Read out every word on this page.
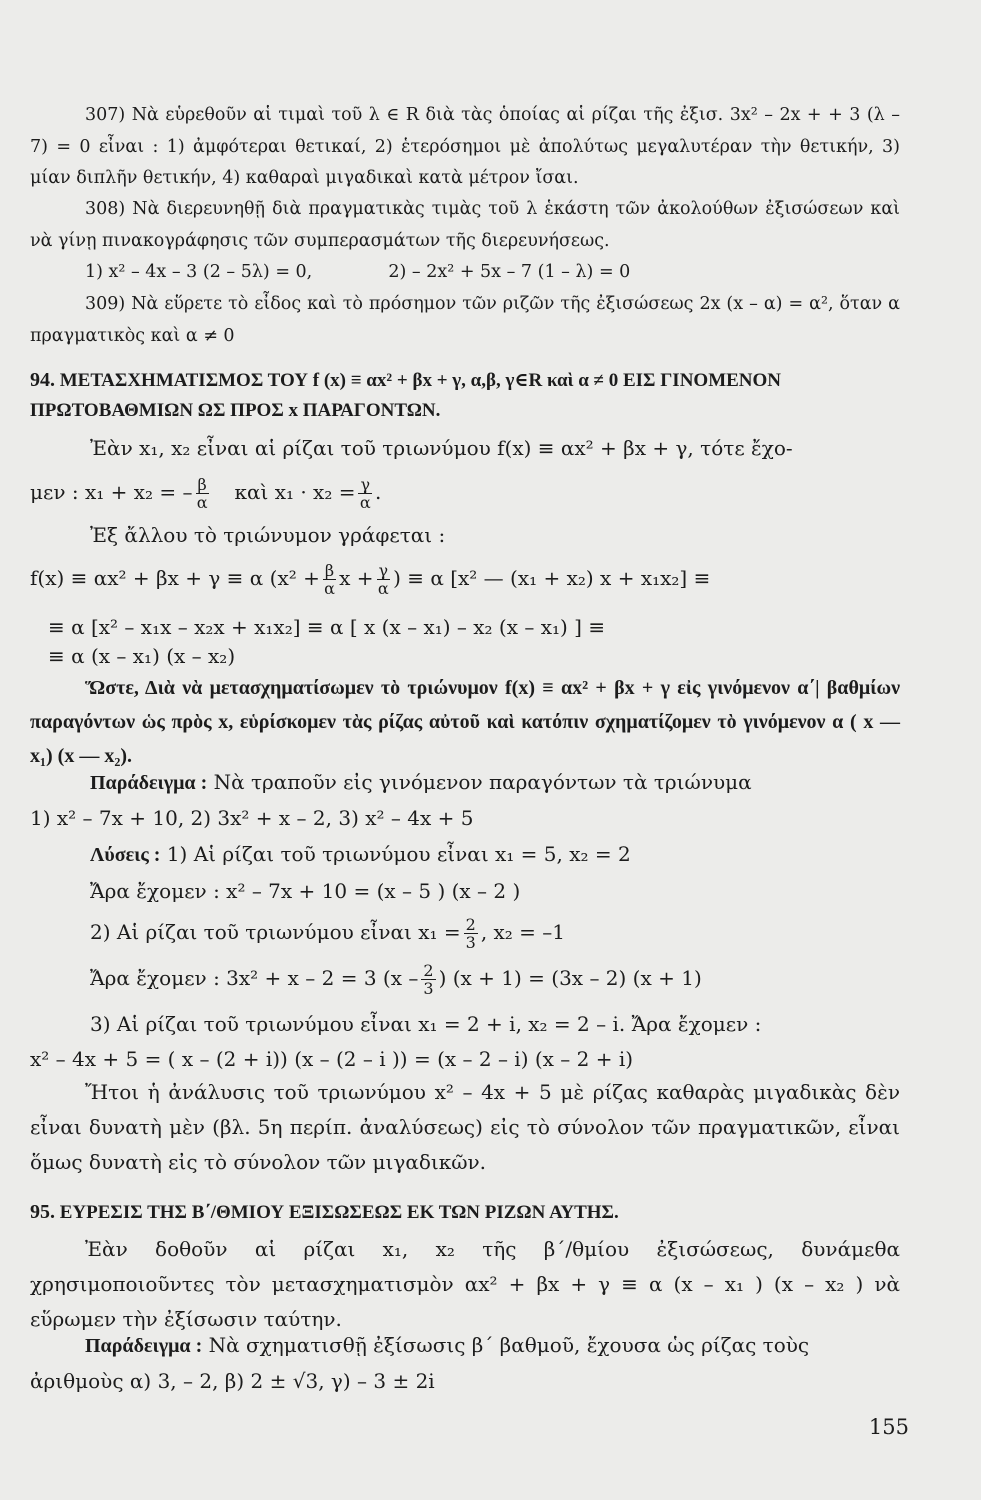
307) Νὰ εὑρεθοῦν αἱ τιμαὶ τοῦ λ ∈ R διὰ τὰς ὁποίας αἱ ρίζαι τῆς ἐξισ. 3x² – 2x + + 3 (λ – 7) = 0 εἶναι : 1) ἀμφότεραι θετικαί, 2) ἑτερόσημοι μὲ ἀπολύτως μεγαλυτέραν τὴν θετικήν, 3) μίαν διπλῆν θετικήν, 4) καθαραὶ μιγαδικαὶ κατὰ μέτρον ἴσαι.

308) Νὰ διερευνηθῇ διὰ πραγματικὰς τιμὰς τοῦ λ ἑκάστη τῶν ἀκολούθων ἐξισώσεων καὶ νὰ γίνῃ πινακογράφησις τῶν συμπερασμάτων τῆς διερευνήσεως.

1) x² – 4x – 3 (2 – 5λ) = 0,	2) – 2x² + 5x – 7 (1 – λ) = 0

309) Νὰ εὕρετε τὸ εἶδος καὶ τὸ πρόσημον τῶν ριζῶν τῆς ἐξισώσεως 2x (x – α) = α², ὅταν α πραγματικὸς καὶ α ≠ 0

94. ΜΕΤΑΣΧΗΜΑΤΙΣΜΟΣ ΤΟΥ f (x) ≡ αx² + βx + γ, α,β, γ∈R καὶ α ≠ 0 ΕΙΣ ΓΙΝΟΜΕΝΟΝ ΠΡΩΤΟΒΑΘΜΙΩΝ ΩΣ ΠΡΟΣ x ΠΑΡΑΓΟΝΤΩΝ.
Ἐὰν x₁, x₂ εἶναι αἱ ρίζαι τοῦ τριωνύμου f(x) ≡ αx² + βx + γ, τότε ἔχο-
μεν : x₁ + x₂ = – $\frac{\beta}{\alpha}$ καὶ $x_1 \cdot x_2 = \frac{\gamma}{\alpha}$ .
Ἐξ ἄλλου τὸ τριώνυμον γράφεται :
f(x) ≡ αx² + βx + γ ≡ α ($x^2 + \frac{\beta}{\alpha}$ $x + \frac{\gamma}{\alpha}$ ) ≡ α [x² — (x₁ + x₂) x + x₁x₂] ≡
≡ α [x² – x₁x – x₂x + x₁x₂] ≡ α [ x (x – x₁) – x₂ (x – x₁) ] ≡
≡ α (x – x₁) (x – x₂)

Ὥστε, Διὰ νὰ μετασχηματίσωμεν τὸ τριώνυμον f(x) ≡ αx² + βx + γ εἰς γινόμενον α΄| βαθμίων παραγόντων ὡς πρὸς x, εὑρίσκομεν τὰς ρίζας αὐτοῦ καὶ κατόπιν σχηματίζομεν τὸ γινόμενον α ( x — x₁) (x — x₂).

Παράδειγμα : Νὰ τραποῦν εἰς γινόμενον παραγόντων τὰ τριώνυμα
1) x² – 7x + 10, 2) 3x² + x – 2, 3) x² – 4x + 5
Λύσεις : 1) Αἱ ρίζαι τοῦ τριωνύμου εἶναι x₁ = 5, x₂ = 2
Ἄρα ἔχομεν : x² – 7x + 10 = (x – 5 ) (x – 2 )
2) Αἱ ρίζαι τοῦ τριωνύμου εἶναι $x_1 = \frac{2}{3}$ , x₂ = –1
Ἄρα ἔχομεν : 3x² + x – 2 = 3 ($x - \frac{2}{3}$ ) (x + 1) = (3x – 2) (x + 1)
3) Αἱ ρίζαι τοῦ τριωνύμου εἶναι x₁ = 2 + i, x₂ = 2 – i. Ἄρα ἔχομεν :
x² – 4x + 5 = ( x – (2 + i)) (x – (2 – i )) = (x – 2 – i) (x – 2 + i)

Ἤτοι ἡ ἀνάλυσις τοῦ τριωνύμου x² – 4x + 5 μὲ ρίζας καθαρὰς μιγαδικὰς δὲν εἶναι δυνατὴ μὲν (βλ. 5η περίπ. ἀναλύσεως) εἰς τὸ σύνολον τῶν πραγματικῶν, εἶναι ὅμως δυνατὴ εἰς τὸ σύνολον τῶν μιγαδικῶν.

95. ΕΥΡΕΣΙΣ ΤΗΣ Β΄/ΘΜΙΟΥ ΕΞΙΣΩΣΕΩΣ ΕΚ ΤΩΝ ΡΙΖΩΝ ΑΥΤΗΣ.

Ἐὰν δοθοῦν αἱ ρίζαι x₁, x₂ τῆς β΄/θμίου ἐξισώσεως, δυνάμεθα χρησιμοποιοῦντες τὸν μετασχηματισμὸν αx² + βx + γ ≡ α (x – x₁ ) (x – x₂ ) νὰ εὕρωμεν τὴν ἐξίσωσιν ταύτην.

Παράδειγμα : Νὰ σχηματισθῇ ἐξίσωσις β΄ βαθμοῦ, ἔχουσα ὡς ρίζας τοὺς ἀριθμοὺς α) 3, – 2, β) 2 ± √3, γ) – 3 ± 2i
155
